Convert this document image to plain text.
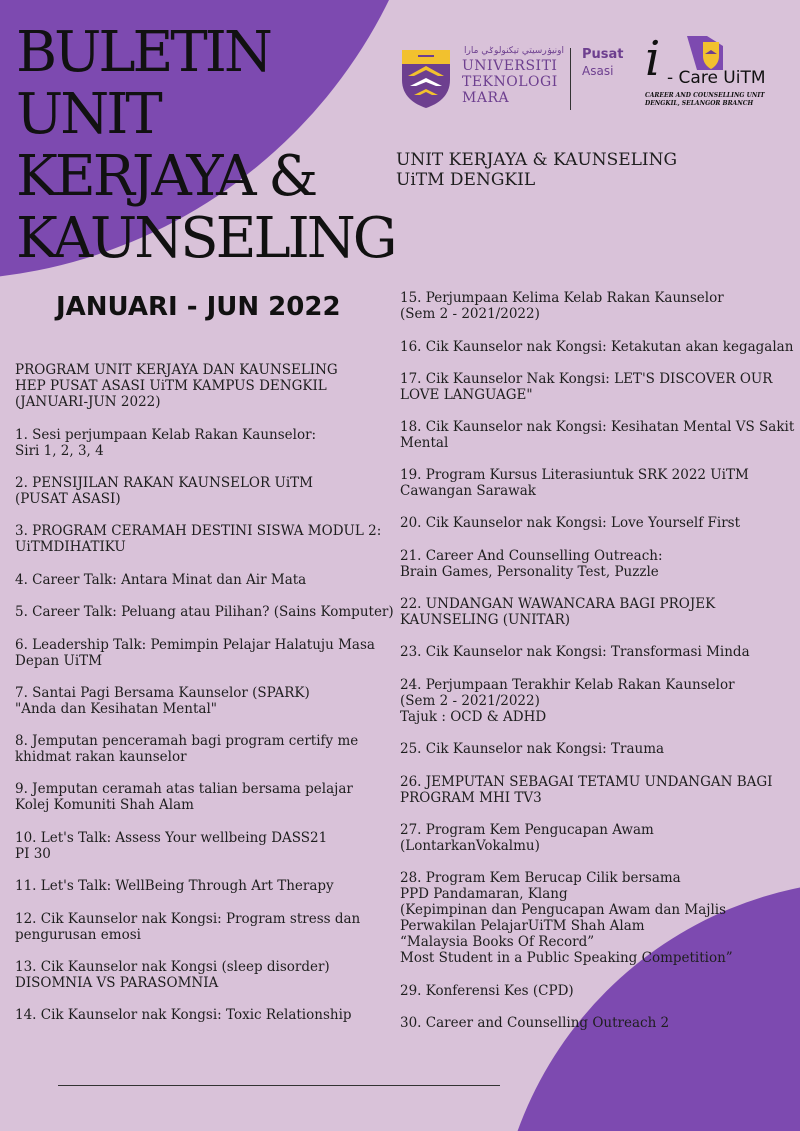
BULETIN
UNIT
KERJAYA &
KAUNSELING
JANUARI - JUN 2022
اونيۏرسيتي تيكنولوݢي مارا
UNIVERSITI
TEKNOLOGI
MARA
Pusat
Asasi i - Care UiTM
CAREER AND COUNSELLING UNIT
DENGKIL, SELANGOR BRANCH
UNIT KERJAYA & KAUNSELING
UiTM DENGKIL
PROGRAM UNIT KERJAYA DAN KAUNSELING
HEP PUSAT ASASI UiTM KAMPUS DENGKIL
(JANUARI-JUN 2022)
1. Sesi perjumpaan Kelab Rakan Kaunselor:
Siri 1, 2, 3, 4
2. PENSIJILAN RAKAN KAUNSELOR UiTM
(PUSAT ASASI)
3. PROGRAM CERAMAH DESTINI SISWA MODUL 2:
UiTMDIHATIKU
4. Career Talk: Antara Minat dan Air Mata
5. Career Talk: Peluang atau Pilihan? (Sains Komputer)
6. Leadership Talk: Pemimpin Pelajar Halatuju Masa
Depan UiTM
7. Santai Pagi Bersama Kaunselor (SPARK)
"Anda dan Kesihatan Mental"
8. Jemputan penceramah bagi program certify me
khidmat rakan kaunselor
9. Jemputan ceramah atas talian bersama pelajar
Kolej Komuniti Shah Alam
10. Let's Talk: Assess Your wellbeing DASS21
PI 30
11. Let's Talk: WellBeing Through Art Therapy
12. Cik Kaunselor nak Kongsi: Program stress dan
pengurusan emosi
13. Cik Kaunselor nak Kongsi (sleep disorder)
DISOMNIA VS PARASOMNIA
14. Cik Kaunselor nak Kongsi: Toxic Relationship
15. Perjumpaan Kelima Kelab Rakan Kaunselor
(Sem 2 - 2021/2022)
16. Cik Kaunselor nak Kongsi: Ketakutan akan kegagalan
17. Cik Kaunselor Nak Kongsi: LET'S DISCOVER OUR
LOVE LANGUAGE"
18. Cik Kaunselor nak Kongsi: Kesihatan Mental VS Sakit
Mental
19. Program Kursus Literasiuntuk SRK 2022 UiTM
Cawangan Sarawak
20. Cik Kaunselor nak Kongsi: Love Yourself First
21. Career And Counselling Outreach:
Brain Games, Personality Test, Puzzle
22. UNDANGAN WAWANCARA BAGI PROJEK
KAUNSELING (UNITAR)
23. Cik Kaunselor nak Kongsi: Transformasi Minda
24. Perjumpaan Terakhir Kelab Rakan Kaunselor
(Sem 2 - 2021/2022)
Tajuk : OCD & ADHD
25. Cik Kaunselor nak Kongsi: Trauma
26. JEMPUTAN SEBAGAI TETAMU UNDANGAN BAGI
PROGRAM MHI TV3
27. Program Kem Pengucapan Awam
(LontarkanVokalmu)
28. Program Kem Berucap Cilik bersama
PPD Pandamaran, Klang
(Kepimpinan dan Pengucapan Awam dan Majlis
Perwakilan PelajarUiTM Shah Alam
“Malaysia Books Of Record”
Most Student in a Public Speaking Competition”
29. Konferensi Kes (CPD)
30. Career and Counselling Outreach 2
